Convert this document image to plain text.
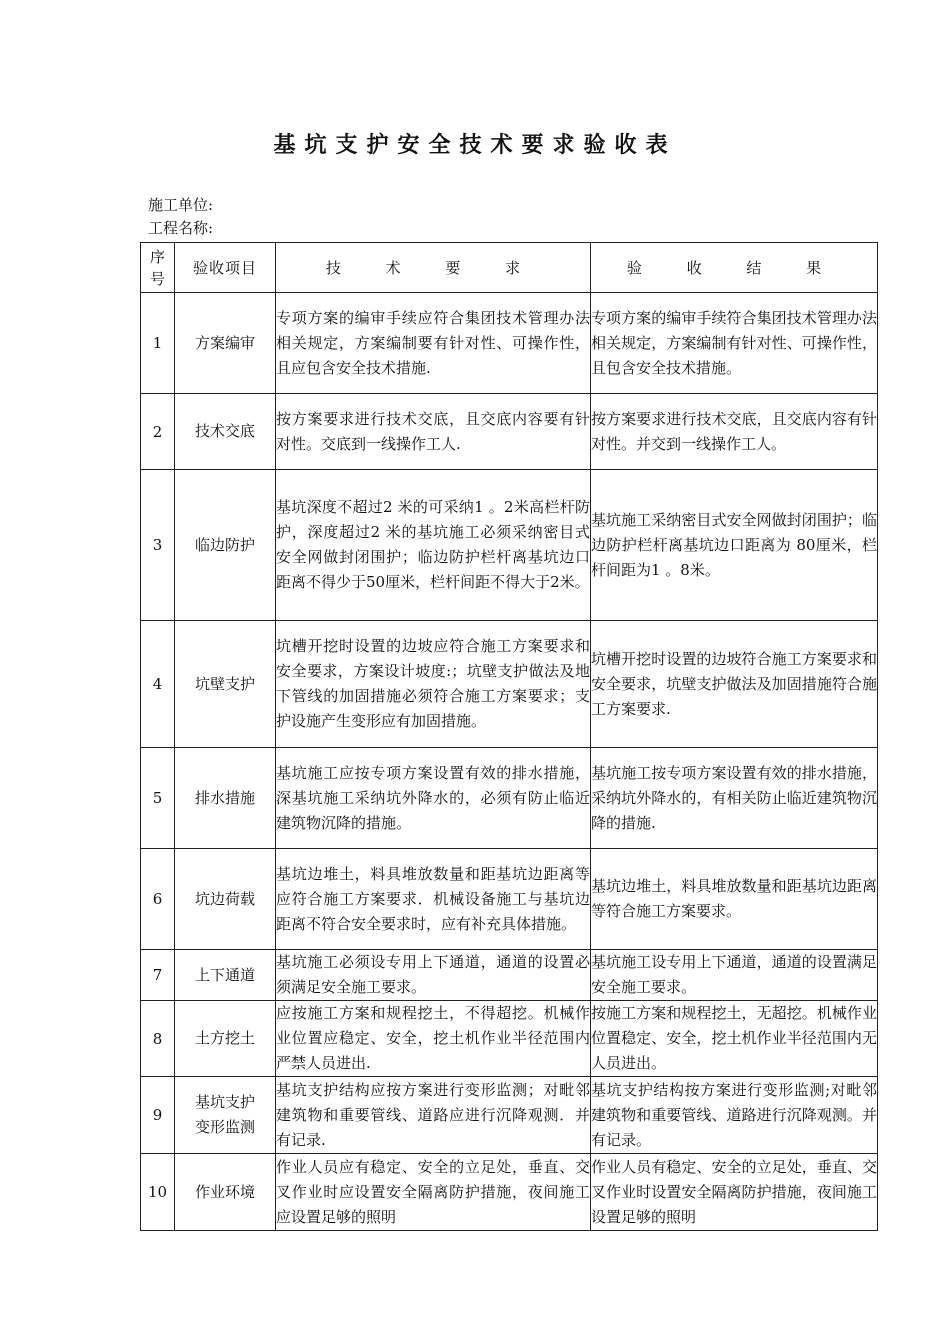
基坑支护安全技术要求验收表
施工单位:
工程名称:
序号	验收项目	技 术 要 求	验 收 结 果
1	方案编审	专项方案的编审手续应符合集团技术管理办法相关规定，方案编制要有针对性、可操作性，且应包含安全技术措施.	专项方案的编审手续符合集团技术管理办法相关规定，方案编制有针对性、可操作性，且包含安全技术措施。
2	技术交底	按方案要求进行技术交底，且交底内容要有针对性。交底到一线操作工人.	按方案要求进行技术交底，且交底内容有针对性。并交到一线操作工人。
3	临边防护	基坑深度不超过2 米的可采纳1 。2米高栏杆防护，深度超过2 米的基坑施工必须采纳密目式安全网做封闭围护；临边防护栏杆离基坑边口距离不得少于50厘米，栏杆间距不得大于2米。	基坑施工采纳密目式安全网做封闭围护；临边防护栏杆离基坑边口距离为 80厘米，栏杆间距为1 。8米。
4	坑壁支护	坑槽开挖时设置的边坡应符合施工方案要求和安全要求，方案设计坡度:；坑壁支护做法及地下管线的加固措施必须符合施工方案要求；支护设施产生变形应有加固措施。	坑槽开挖时设置的边坡符合施工方案要求和安全要求，坑壁支护做法及加固措施符合施工方案要求.
5	排水措施	基坑施工应按专项方案设置有效的排水措施，深基坑施工采纳坑外降水的，必须有防止临近建筑物沉降的措施。	基坑施工按专项方案设置有效的排水措施，采纳坑外降水的，有相关防止临近建筑物沉降的措施.
6	坑边荷载	基坑边堆土，料具堆放数量和距基坑边距离等应符合施工方案要求．机械设备施工与基坑边距离不符合安全要求时，应有补充具体措施。	基坑边堆土，料具堆放数量和距基坑边距离等符合施工方案要求。
7	上下通道	基坑施工必须设专用上下通道，通道的设置必须满足安全施工要求。	基坑施工设专用上下通道，通道的设置满足安全施工要求。
8	土方挖土	应按施工方案和规程挖土，不得超挖。机械作业位置应稳定、安全，挖土机作业半径范围内严禁人员进出.	按施工方案和规程挖土，无超挖。机械作业位置稳定、安全，挖土机作业半径范围内无人员进出。
9	基坑支护变形监测	基坑支护结构应按方案进行变形监测；对毗邻建筑物和重要管线、道路应进行沉降观测．并有记录.	基坑支护结构按方案进行变形监测;对毗邻建筑物和重要管线、道路进行沉降观测。并有记录。
10	作业环境	作业人员应有稳定、安全的立足处，垂直、交叉作业时应设置安全隔离防护措施，夜间施工应设置足够的照明	作业人员有稳定、安全的立足处，垂直、交叉作业时设置安全隔离防护措施，夜间施工设置足够的照明
